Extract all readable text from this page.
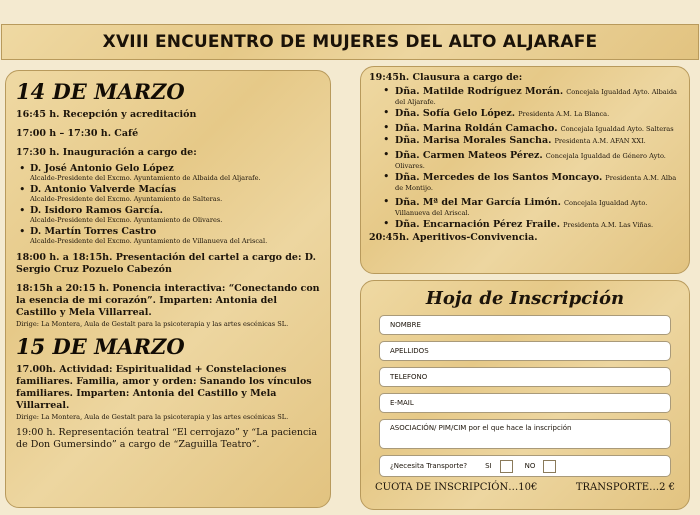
XVIII ENCUENTRO DE MUJERES DEL ALTO ALJARAFE
14 DE MARZO

16:45 h. Recepción y acreditación

17:00 h – 17:30 h. Café

17:30 h. Inauguración a cargo de:

• D. José Antonio Gelo López
Alcalde-Presidente del Excmo. Ayuntamiento de Albaida del Aljarafe.
• D. Antonio Valverde Macías
Alcalde-Presidente del Excmo. Ayuntamiento de Salteras.
• D. Isidoro Ramos García.
Alcalde-Presidente del Excmo. Ayuntamiento de Olivares.
• D. Martín Torres Castro
Alcalde-Presidente del Excmo. Ayuntamiento de Villanueva del Ariscal.

18:00 h. a 18:15h. Presentación del cartel a cargo de: D. Sergio Cruz Pozuelo Cabezón

18:15h a 20:15 h. Ponencia interactiva: “Conectando con la esencia de mi corazón”. Imparten: Antonia del Castillo y Mela Villarreal.

Dirige: La Montera, Aula de Gestalt para la psicoterapia y las artes escénicas SL.

15 DE MARZO

17.00h. Actividad: Espiritualidad + Constelaciones familiares. Familia, amor y orden: Sanando los vínculos familiares. Imparten: Antonia del Castillo y Mela Villarreal.

Dirige: La Montera, Aula de Gestalt para la psicoterapia y las artes escénicas SL.

19:00 h. Representación teatral “El cerrojazo” y “La paciencia de Don Gumersindo” a cargo de “Zaguilla Teatro”.

19:45h. Clausura a cargo de:

• Dña. Matilde Rodríguez Morán. Concejala Igualdad Ayto. Albaida del Aljarafe.
• Dña. Sofía Gelo López. Presidenta A.M. La Blanca.
• Dña. Marina Roldán Camacho. Concejala Igualdad Ayto. Salteras
• Dña. Marisa Morales Sancha. Presidenta A.M. AFAN XXI.
• Dña. Carmen Mateos Pérez. Concejala Igualdad de Género Ayto. Olivares.
• Dña. Mercedes de los Santos Moncayo. Presidenta A.M. Alba de Montijo.
• Dña. Mª del Mar García Limón. Concejala Igualdad Ayto. Villanueva del Ariscal.
• Dña. Encarnación Pérez Fraile. Presidenta A.M. Las Viñas.
20:45h. Aperitivos-Convivencia.
Hoja de Inscripción
NOMBRE
APELLIDOS
TELEFONO
E-MAIL
ASOCIACIÓN/ PIM/CIM por el que hace la inscripción
¿Necesita Transporte?	SI	NO
CUOTA DE INSCRIPCIÓN…10€	TRANSPORTE…2 €
